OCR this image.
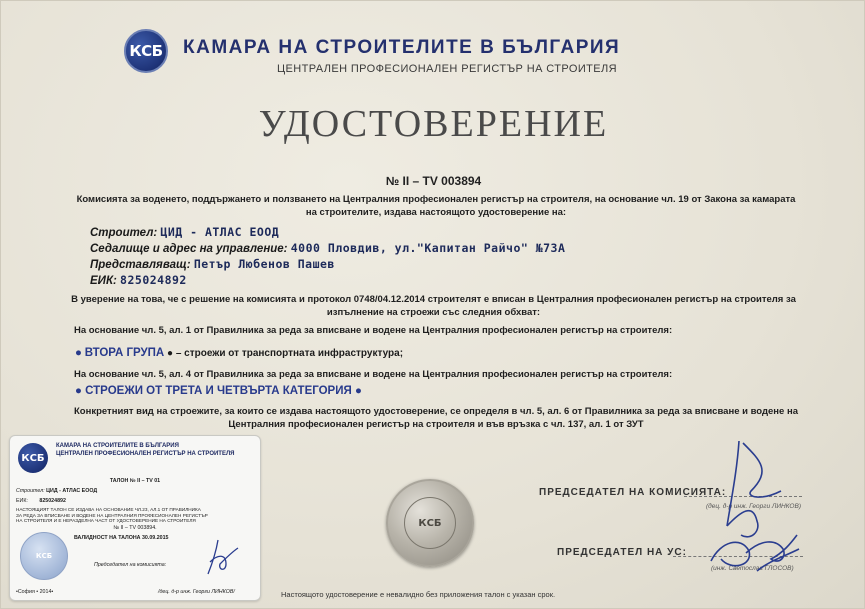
КСБ КАМАРА НА СТРОИТЕЛИТЕ В БЪЛГАРИЯ
ЦЕНТРАЛЕН ПРОФЕСИОНАЛЕН РЕГИСТЪР НА СТРОИТЕЛЯ
УДОСТОВЕРЕНИЕ
№ II – TV 003894
Комисията за воденето, поддържането и ползването на Централния професионален регистър на строителя, на основание чл. 19 от Закона за камарата на строителите, издава настоящото удостоверение на:
Строител: ЦИД - АТЛАС ЕООД
Седалище и адрес на управление: 4000 Пловдив, ул."Капитан Райчо" №73А
Представляващ: Петър Любенов Пашев
ЕИК: 825024892
В уверение на това, че с решение на комисията и протокол 0748/04.12.2014 строителят е вписан в Централния професионален регистър на строителя за изпълнение на строежи със следния обхват:
На основание чл. 5, ал. 1 от Правилника за реда за вписване и водене на Централния професионален регистър на строителя:
● ВТОРА ГРУПА ● – строежи от транспортната инфраструктура;
На основание чл. 5, ал. 4 от Правилника за реда за вписване и водене на Централния професионален регистър на строителя:
● СТРОЕЖИ ОТ ТРЕТА И ЧЕТВЪРТА КАТЕГОРИЯ ●
Конкретният вид на строежите, за които се издава настоящото удостоверение, се определя в чл. 5, ал. 6 от Правилника за реда за вписване и водене на Централния професионален регистър на строителя и във връзка с чл. 137, ал. 1 от ЗУТ
КСБ
ПРЕДСЕДАТЕЛ НА КОМИСИЯТА:
(дец. д-р инж. Георги ЛИНКОВ)
ПРЕДСЕДАТЕЛ НА УС:
(инж. Светослав ГЛОСОВ)
Настоящото удостоверение е невалидно без приложения талон с указан срок.
КСБ
КАМАРА НА СТРОИТЕЛИТЕ В БЪЛГАРИЯ
ЦЕНТРАЛЕН ПРОФЕСИОНАЛЕН РЕГИСТЪР НА СТРОИТЕЛЯ
ТАЛОН № II – TV 01
Строител: ЦИД - АТЛАС ЕООД
ЕИК: 825024892
НАСТОЯЩИЯТ ТАЛОН СЕ ИЗДАВА НА ОСНОВАНИЕ ЧЛ.23, АЛ.1 ОТ ПРАВИЛНИКА
ЗА РЕДА ЗА ВПИСВАНЕ И ВОДЕНЕ НА ЦЕНТРАЛНИЯ ПРОФЕСИОНАЛЕН РЕГИСТЪР
НА СТРОИТЕЛЯ И Е НЕРАЗДЕЛНА ЧАСТ ОТ УДОСТОВЕРЕНИЕ НА СТРОИТЕЛЯ
№ II – TV 003894.
ВАЛИДНОСТ НА ТАЛОНА 30.09.2015
КСБ
Председател на комисията:
•София • 2014•	/дец. д-р инж. Георги ЛИНКОВ/
